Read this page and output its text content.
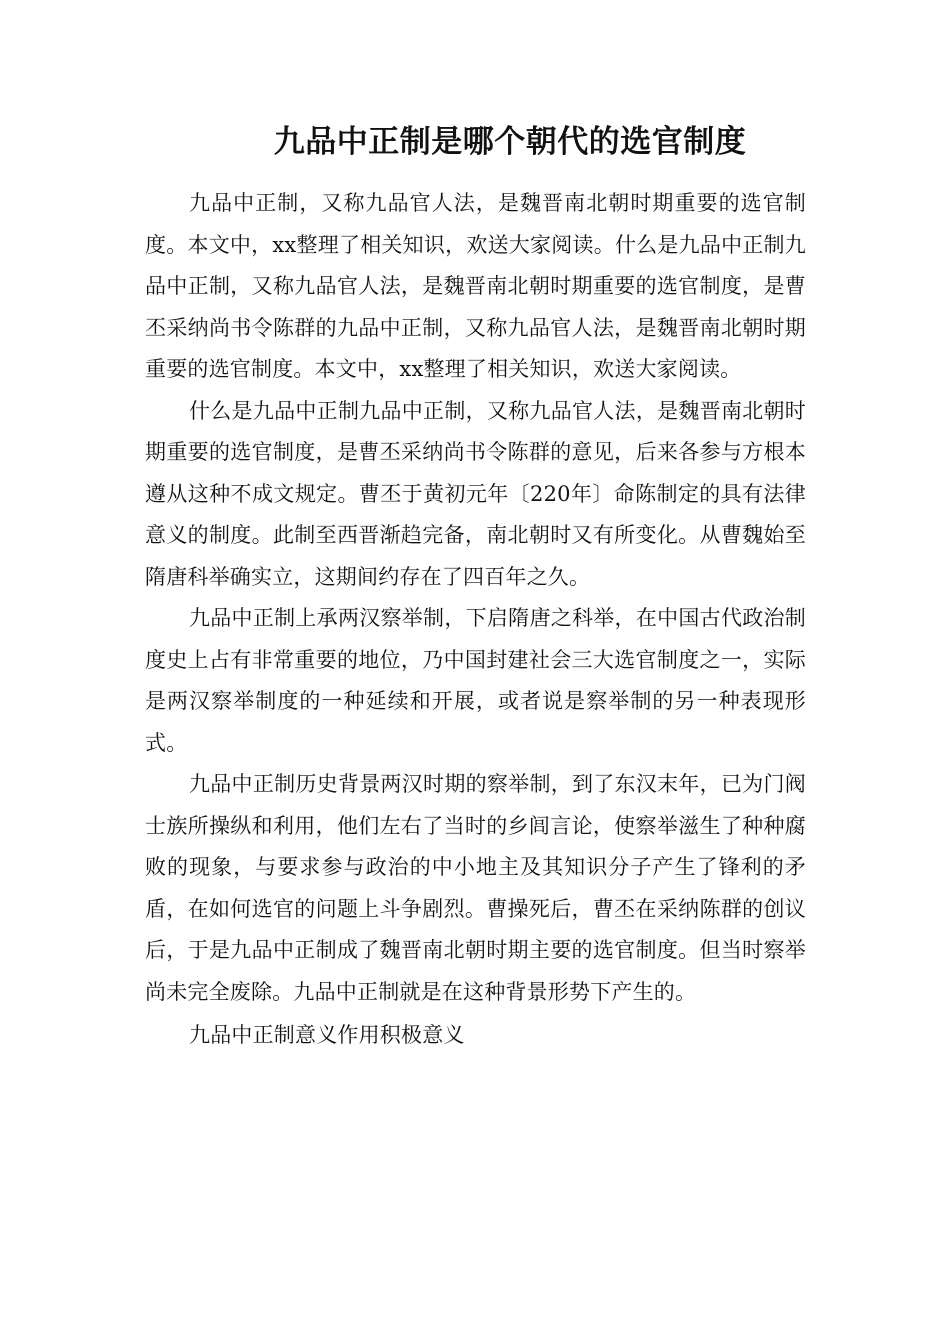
九品中正制是哪个朝代的选官制度

九品中正制，又称九品官人法，是魏晋南北朝时期重要的选官制度。本文中，xx整理了相关知识，欢送大家阅读。什么是九品中正制九品中正制，又称九品官人法，是魏晋南北朝时期重要的选官制度，是曹丕采纳尚书令陈群的九品中正制，又称九品官人法，是魏晋南北朝时期重要的选官制度。本文中，xx整理了相关知识，欢送大家阅读。

什么是九品中正制九品中正制，又称九品官人法，是魏晋南北朝时期重要的选官制度，是曹丕采纳尚书令陈群的意见，后来各参与方根本遵从这种不成文规定。曹丕于黄初元年〔220年〕命陈制定的具有法律意义的制度。此制至西晋渐趋完备，南北朝时又有所变化。从曹魏始至隋唐科举确实立，这期间约存在了四百年之久。

九品中正制上承两汉察举制，下启隋唐之科举，在中国古代政治制度史上占有非常重要的地位，乃中国封建社会三大选官制度之一，实际是两汉察举制度的一种延续和开展，或者说是察举制的另一种表现形式。

九品中正制历史背景两汉时期的察举制，到了东汉末年，已为门阀士族所操纵和利用，他们左右了当时的乡闾言论，使察举滋生了种种腐败的现象，与要求参与政治的中小地主及其知识分子产生了锋利的矛盾，在如何选官的问题上斗争剧烈。曹操死后，曹丕在采纳陈群的创议后，于是九品中正制成了魏晋南北朝时期主要的选官制度。但当时察举尚未完全废除。九品中正制就是在这种背景形势下产生的。

九品中正制意义作用积极意义
